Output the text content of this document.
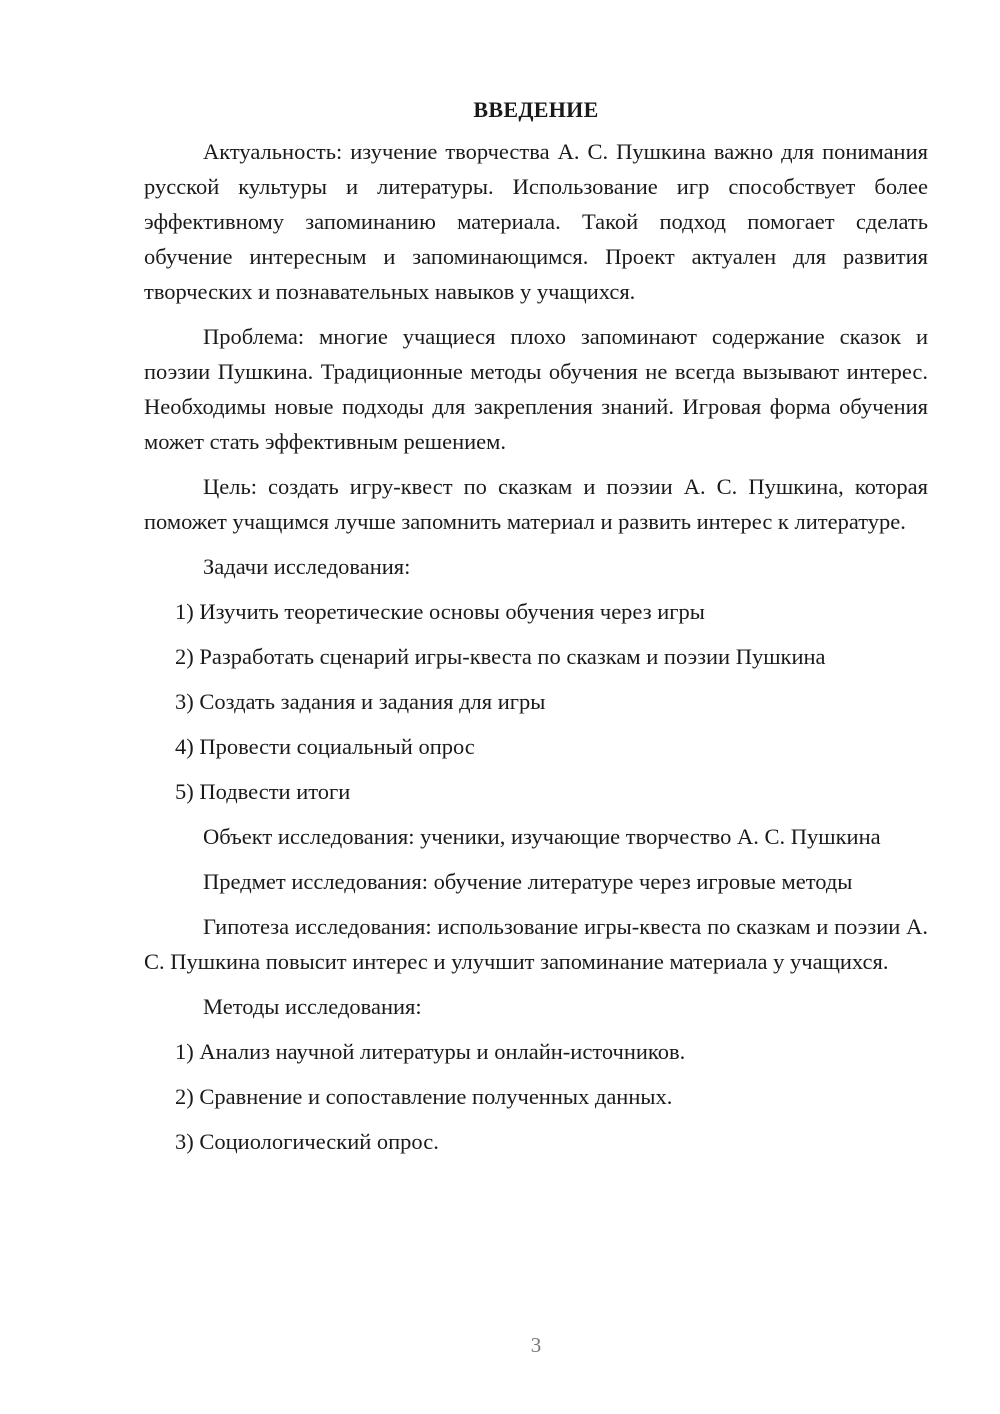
ВВЕДЕНИЕ

Актуальность: изучение творчества А. С. Пушкина важно для понимания русской культуры и литературы. Использование игр способствует более эффективному запоминанию материала. Такой подход помогает сделать обучение интересным и запоминающимся. Проект актуален для развития творческих и познавательных навыков у учащихся.

Проблема: многие учащиеся плохо запоминают содержание сказок и поэзии Пушкина. Традиционные методы обучения не всегда вызывают интерес. Необходимы новые подходы для закрепления знаний. Игровая форма обучения может стать эффективным решением.

Цель: создать игру-квест по сказкам и поэзии А. С. Пушкина, которая поможет учащимся лучше запомнить материал и развить интерес к литературе.

Задачи исследования:

1) Изучить теоретические основы обучения через игры
2) Разработать сценарий игры-квеста по сказкам и поэзии Пушкина
3) Создать задания и задания для игры
4) Провести социальный опрос
5) Подвести итоги

Объект исследования: ученики, изучающие творчество А. С. Пушкина

Предмет исследования: обучение литературе через игровые методы

Гипотеза исследования: использование игры-квеста по сказкам и поэзии А. С. Пушкина повысит интерес и улучшит запоминание материала у учащихся.

Методы исследования:

1) Анализ научной литературы и онлайн-источников.
2) Сравнение и сопоставление полученных данных.
3) Социологический опрос.
3
